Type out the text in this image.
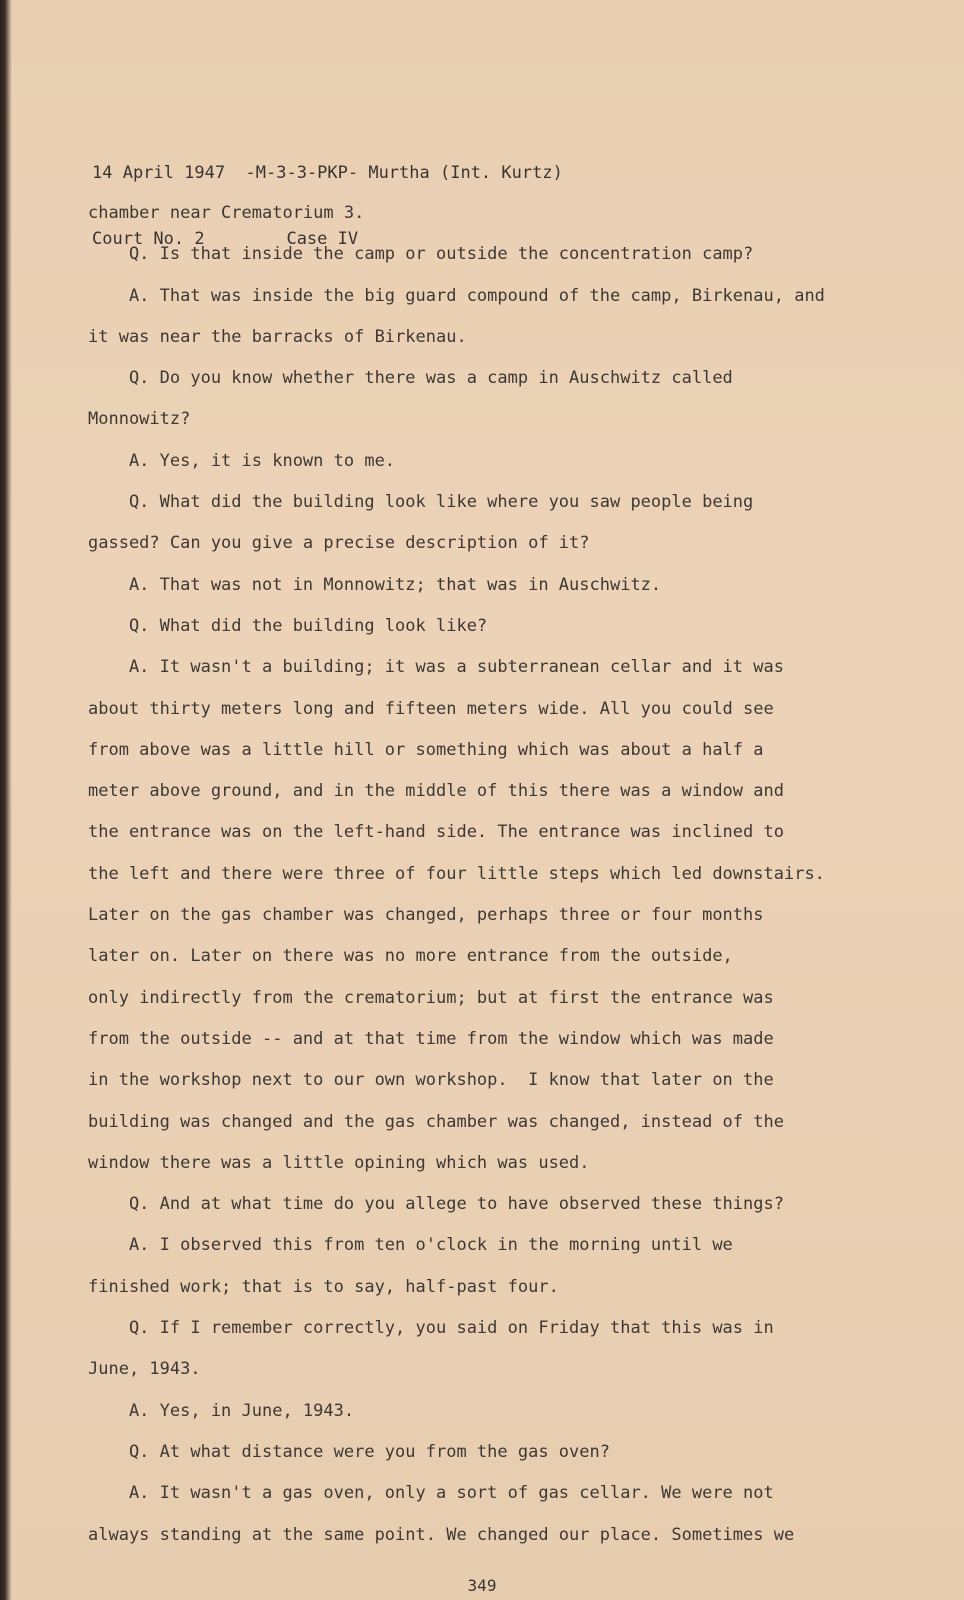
14 April 1947  -M-3-3-PKP- Murtha (Int. Kurtz)

Court No. 2        Case IV

chamber near Crematorium 3.
Q. Is that inside the camp or outside the concentration camp?
A. That was inside the big guard compound of the camp, Birkenau, and
it was near the barracks of Birkenau.
Q. Do you know whether there was a camp in Auschwitz called
Monnowitz?
A. Yes, it is known to me.
Q. What did the building look like where you saw people being
gassed? Can you give a precise description of it?
A. That was not in Monnowitz; that was in Auschwitz.
Q. What did the building look like?
A. It wasn't a building; it was a subterranean cellar and it was
about thirty meters long and fifteen meters wide. All you could see
from above was a little hill or something which was about a half a
meter above ground, and in the middle of this there was a window and
the entrance was on the left-hand side. The entrance was inclined to
the left and there were three of four little steps which led downstairs.
Later on the gas chamber was changed, perhaps three or four months
later on. Later on there was no more entrance from the outside,
only indirectly from the crematorium; but at first the entrance was
from the outside -- and at that time from the window which was made
in the workshop next to our own workshop.  I know that later on the
building was changed and the gas chamber was changed, instead of the
window there was a little opining which was used.
Q. And at what time do you allege to have observed these things?
A. I observed this from ten o'clock in the morning until we
finished work; that is to say, half-past four.
Q. If I remember correctly, you said on Friday that this was in
June, 1943.
A. Yes, in June, 1943.
Q. At what distance were you from the gas oven?
A. It wasn't a gas oven, only a sort of gas cellar. We were not
always standing at the same point. We changed our place. Sometimes we
349
